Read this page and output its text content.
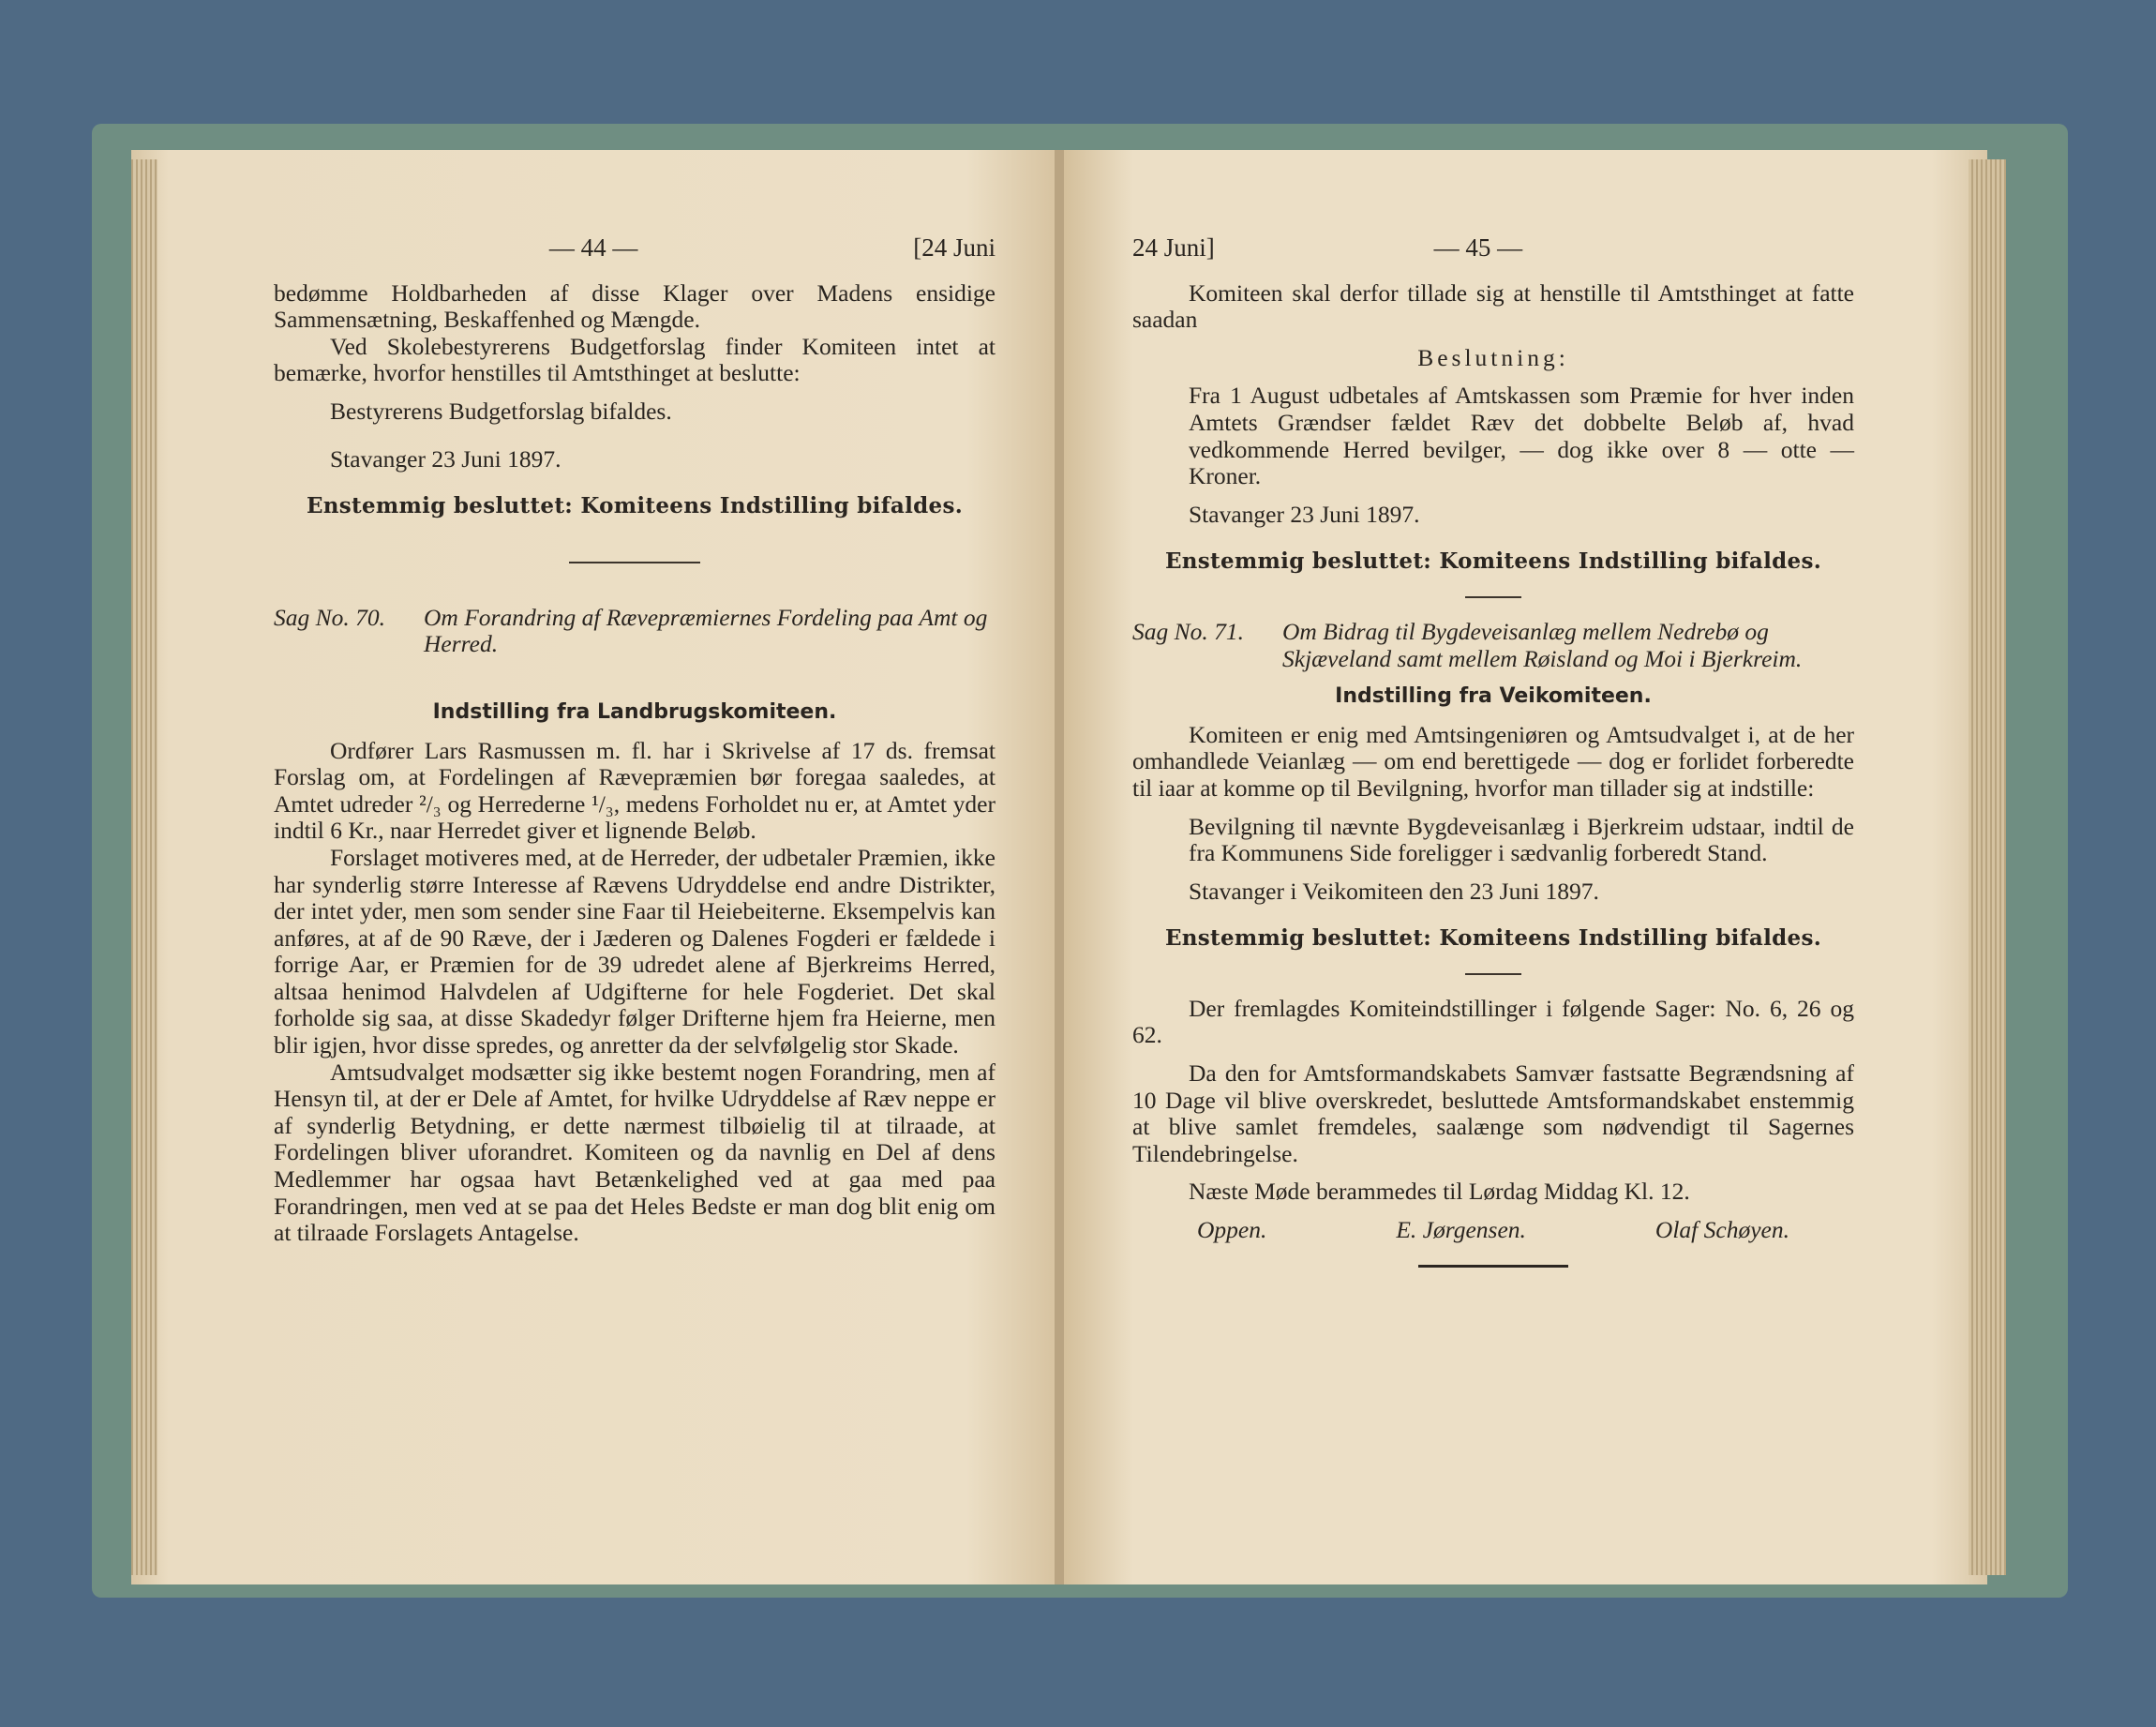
— 44 —	[24 Juni

bedømme Holdbarheden af disse Klager over Madens ensidige Sammensætning, Beskaffenhed og Mængde.

Ved Skolebestyrerens Budgetforslag finder Komiteen intet at bemærke, hvorfor henstilles til Amtsthinget at beslutte:

Bestyrerens Budgetforslag bifaldes.

Stavanger 23 Juni 1897.

Enstemmig besluttet: Komiteens Indstilling bifaldes.

Sag No. 70.	Om Forandring af Rævepræmiernes Fordeling paa Amt og Herred.

Indstilling fra Landbrugskomiteen.

Ordfører Lars Rasmussen m. fl. har i Skrivelse af 17 ds. fremsat Forslag om, at Fordelingen af Rævepræmien bør foregaa saaledes, at Amtet udreder ²/₃ og Herrederne ¹/₃, medens Forholdet nu er, at Amtet yder indtil 6 Kr., naar Herredet giver et lignende Beløb.

Forslaget motiveres med, at de Herreder, der udbetaler Præmien, ikke har synderlig større Interesse af Rævens Udryddelse end andre Distrikter, der intet yder, men som sender sine Faar til Heiebeiterne. Eksempelvis kan anføres, at af de 90 Ræve, der i Jæderen og Dalenes Fogderi er fældede i forrige Aar, er Præmien for de 39 udredet alene af Bjerkreims Herred, altsaa henimod Halvdelen af Udgifterne for hele Fogderiet. Det skal forholde sig saa, at disse Skadedyr følger Drifterne hjem fra Heierne, men blir igjen, hvor disse spredes, og anretter da der selvfølgelig stor Skade.

Amtsudvalget modsætter sig ikke bestemt nogen Forandring, men af Hensyn til, at der er Dele af Amtet, for hvilke Udryddelse af Ræv neppe er af synderlig Betydning, er dette nærmest tilbøielig til at tilraade, at Fordelingen bliver uforandret. Komiteen og da navnlig en Del af dens Medlemmer har ogsaa havt Betænkelighed ved at gaa med paa Forandringen, men ved at se paa det Heles Bedste er man dog blit enig om at tilraade Forslagets Antagelse.

24 Juni]	— 45 —

Komiteen skal derfor tillade sig at henstille til Amtsthinget at fatte saadan

Beslutning:

Fra 1 August udbetales af Amtskassen som Præmie for hver inden Amtets Grændser fældet Ræv det dobbelte Beløb af, hvad vedkommende Herred bevilger, — dog ikke over 8 — otte — Kroner.

Stavanger 23 Juni 1897.

Enstemmig besluttet: Komiteens Indstilling bifaldes.

Sag No. 71.	Om Bidrag til Bygdeveisanlæg mellem Nedrebø og Skjæveland samt mellem Røisland og Moi i Bjerkreim.

Indstilling fra Veikomiteen.

Komiteen er enig med Amtsingeniøren og Amtsudvalget i, at de her omhandlede Veianlæg — om end berettigede — dog er forlidet forberedte til iaar at komme op til Bevilgning, hvorfor man tillader sig at indstille:

Bevilgning til nævnte Bygdeveisanlæg i Bjerkreim udstaar, indtil de fra Kommunens Side foreligger i sædvanlig forberedt Stand.

Stavanger i Veikomiteen den 23 Juni 1897.

Enstemmig besluttet: Komiteens Indstilling bifaldes.

Der fremlagdes Komiteindstillinger i følgende Sager: No. 6, 26 og 62.

Da den for Amtsformandskabets Samvær fastsatte Begrændsning af 10 Dage vil blive overskredet, besluttede Amtsformandskabet enstemmig at blive samlet fremdeles, saalænge som nødvendigt til Sagernes Tilendebringelse.

Næste Møde berammedes til Lørdag Middag Kl. 12.

Oppen.	E. Jørgensen.	Olaf Schøyen.
